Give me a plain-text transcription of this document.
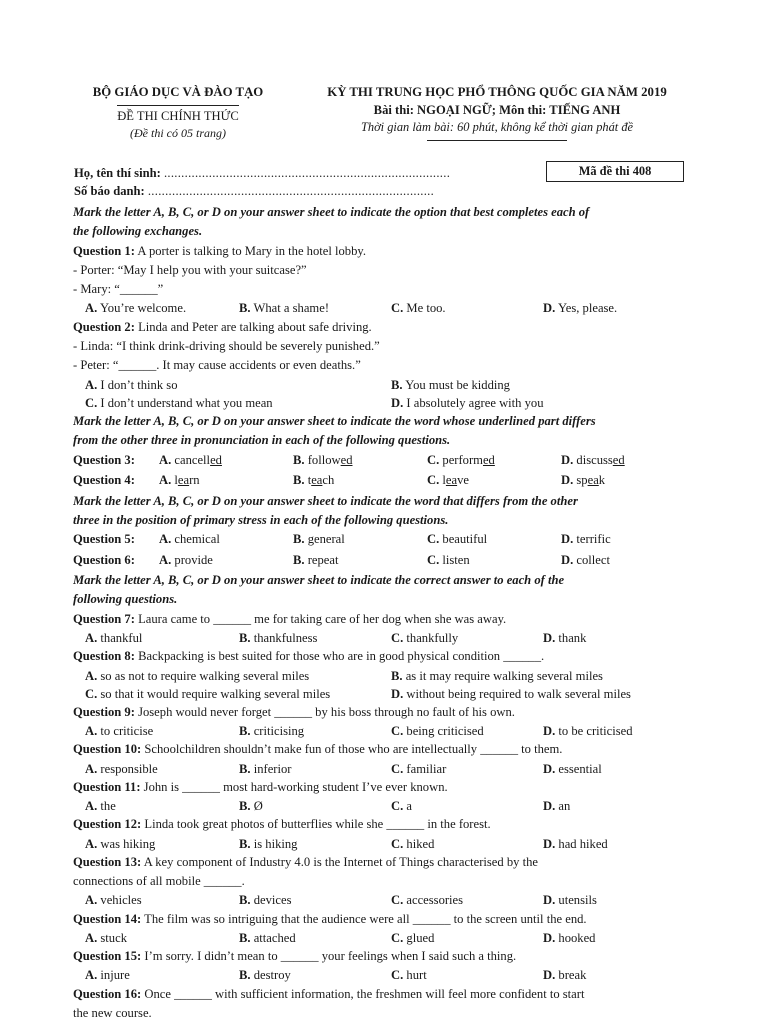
BỘ GIÁO DỤC VÀ ĐÀO TẠO
ĐỀ THI CHÍNH THỨC
(Đề thi có 05 trang)
KỲ THI TRUNG HỌC PHỔ THÔNG QUỐC GIA NĂM 2019
Bài thi: NGOẠI NGỮ; Môn thi: TIẾNG ANH
Thời gian làm bài: 60 phút, không kể thời gian phát đề
Họ, tên thí sinh: ...................................................................................
Số báo danh: ...................................................................................
Mã đề thi 408
Mark the letter A, B, C, or D on your answer sheet to indicate the option that best completes each of
the following exchanges.
Question 1: A porter is talking to Mary in the hotel lobby.
- Porter: “May I help you with your suitcase?”
- Mary: “______”
A. You’re welcome.	B. What a shame!	C. Me too.	D. Yes, please.
Question 2: Linda and Peter are talking about safe driving.
- Linda: “I think drink-driving should be severely punished.”
- Peter: “______. It may cause accidents or even deaths.”
A. I don’t think so	B. You must be kidding
C. I don’t understand what you mean	D. I absolutely agree with you
Mark the letter A, B, C, or D on your answer sheet to indicate the word whose underlined part differs
from the other three in pronunciation in each of the following questions.
Question 3: A. cancelled	B. followed	C. performed	D. discussed
Question 4: A. learn	B. teach	C. leave	D. speak
Mark the letter A, B, C, or D on your answer sheet to indicate the word that differs from the other
three in the position of primary stress in each of the following questions.
Question 5: A. chemical	B. general	C. beautiful	D. terrific
Question 6: A. provide	B. repeat	C. listen	D. collect
Mark the letter A, B, C, or D on your answer sheet to indicate the correct answer to each of the
following questions.
Question 7: Laura came to ______ me for taking care of her dog when she was away.
A. thankful	B. thankfulness	C. thankfully	D. thank
Question 8: Backpacking is best suited for those who are in good physical condition ______.
A. so as not to require walking several miles	B. as it may require walking several miles
C. so that it would require walking several miles	D. without being required to walk several miles
Question 9: Joseph would never forget ______ by his boss through no fault of his own.
A. to criticise	B. criticising	C. being criticised	D. to be criticised
Question 10: Schoolchildren shouldn’t make fun of those who are intellectually ______ to them.
A. responsible	B. inferior	C. familiar	D. essential
Question 11: John is ______ most hard-working student I’ve ever known.
A. the	B. Ø	C. a	D. an
Question 12: Linda took great photos of butterflies while she ______ in the forest.
A. was hiking	B. is hiking	C. hiked	D. had hiked
Question 13: A key component of Industry 4.0 is the Internet of Things characterised by the
connections of all mobile ______.
A. vehicles	B. devices	C. accessories	D. utensils
Question 14: The film was so intriguing that the audience were all ______ to the screen until the end.
A. stuck	B. attached	C. glued	D. hooked
Question 15: I’m sorry. I didn’t mean to ______ your feelings when I said such a thing.
A. injure	B. destroy	C. hurt	D. break
Question 16: Once ______ with sufficient information, the freshmen will feel more confident to start
the new course.
